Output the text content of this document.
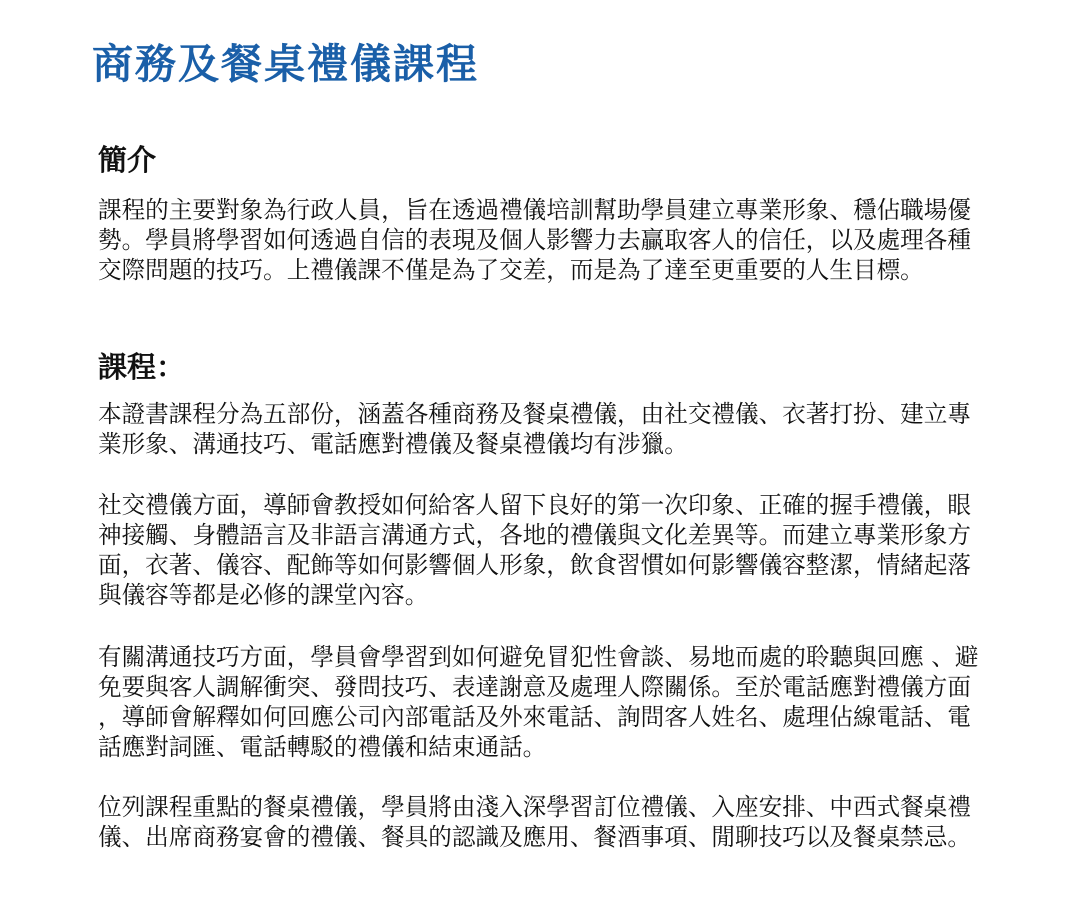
商務及餐桌禮儀課程
簡介

課程的主要對象為行政人員，旨在透過禮儀培訓幫助學員建立專業形象、穩佔職場優
勢。學員將學習如何透過自信的表現及個人影響力去贏取客人的信任，以及處理各種
交際問題的技巧。上禮儀課不僅是為了交差，而是為了達至更重要的人生目標。

課程：

本證書課程分為五部份，涵蓋各種商務及餐桌禮儀，由社交禮儀、衣著打扮、建立專
業形象、溝通技巧、電話應對禮儀及餐桌禮儀均有涉獵。

社交禮儀方面，導師會教授如何給客人留下良好的第一次印象、正確的握手禮儀，眼
神接觸、身體語言及非語言溝通方式，各地的禮儀與文化差異等。而建立專業形象方
面，衣著、儀容、配飾等如何影響個人形象，飲食習慣如何影響儀容整潔，情緒起落
與儀容等都是必修的課堂內容。

有關溝通技巧方面，學員會學習到如何避免冒犯性會談、易地而處的聆聽與回應 、避
免要與客人調解衝突、發問技巧、表達謝意及處理人際關係。至於電話應對禮儀方面
，導師會解釋如何回應公司內部電話及外來電話、詢問客人姓名、處理佔線電話、電
話應對詞匯、電話轉駁的禮儀和結束通話。

位列課程重點的餐桌禮儀，學員將由淺入深學習訂位禮儀、入座安排、中西式餐桌禮
儀、出席商務宴會的禮儀、餐具的認識及應用、餐酒事項、閒聊技巧以及餐桌禁忌。
